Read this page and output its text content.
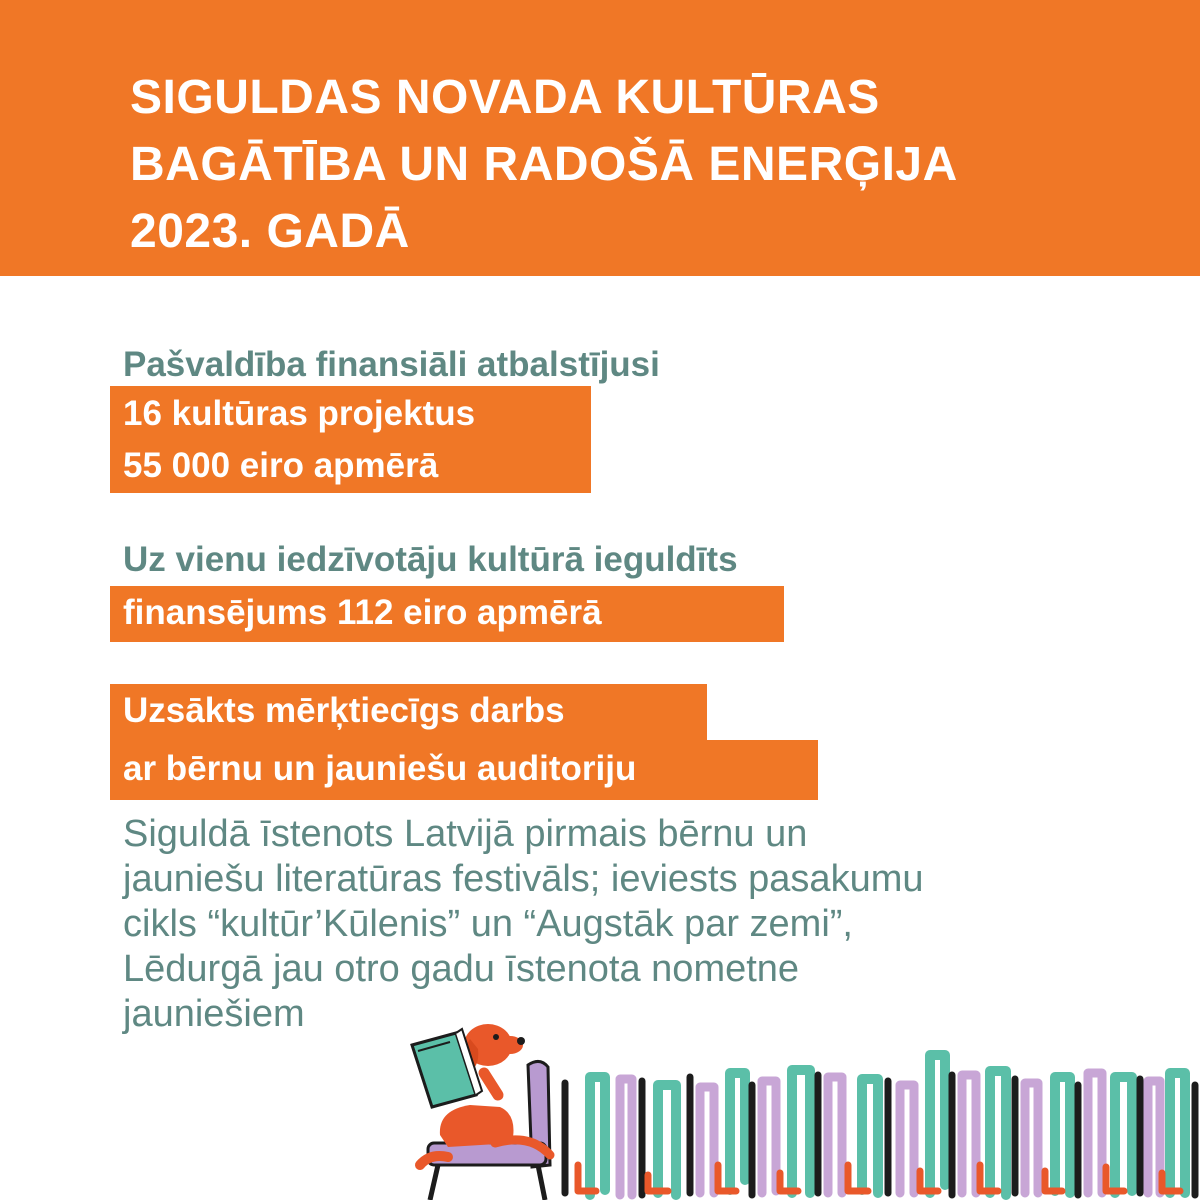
SIGULDAS NOVADA KULTŪRAS
BAGĀTĪBA UN RADOŠĀ ENERĢIJA
2023. GADĀ
Pašvaldība finansiāli atbalstījusi
16 kultūras projektus
55 000 eiro apmērā
Uz vienu iedzīvotāju kultūrā ieguldīts
finansējums 112 eiro apmērā
Uzsākts mērķtiecīgs darbs
ar bērnu un jauniešu auditoriju
Siguldā īstenots Latvijā pirmais bērnu un
jauniešu literatūras festivāls; ieviests pasakumu
cikls “kultūr’Kūlenis” un “Augstāk par zemi”,
Lēdurgā jau otro gadu īstenota nometne
jauniešiem
